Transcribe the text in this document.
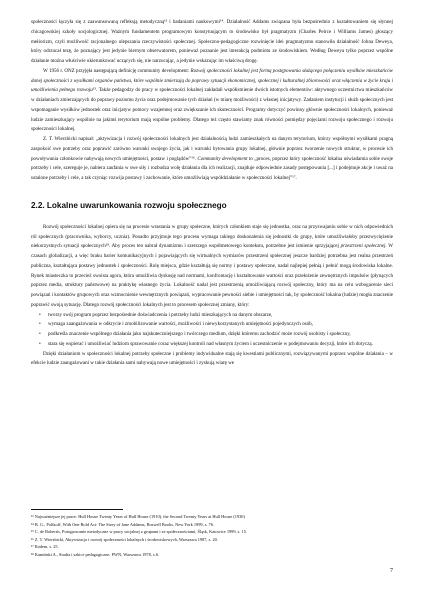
społeczności łączyła się z zaawansowaną refleksją metodyczną¹³ i badaniami naukowymi¹⁴. Działalność Addams związana była bezpośrednio z kształtowaniem się słynnej chicagowskiej szkoły socjologicznej. Ważnym fundamentem programowym konstytuującym to środowisko był pragmatyzm (Charles Peirce i Williams James) głoszący mełiorizm, czyli możliwość racjonalnego ulepszania rzeczywistości społecznej. Społeczno-pedagogiczne rozwinięcie idei pragmatyzmu stanowiła działalność Johna Deweya, który odrzucał tezę, że poznający jest jedynie biernym obserwatorem, ponieważ poznanie jest interakcją podmiotu ze środowiskiem. Według Deweya tylko poprzez wspólne działanie można włuściwie ukierunkować uczących się, nie narzucając, a jedynie wskazując im właściwą drogę.

W 1956 r. ONZ przyjęła następującą definicję community development: Rozwój społeczności lokalnej jest formą postępowania służącego połączeniu wysiłków mieszkańców danej społeczności z wysiłkami organów państwa, które wspólnie zmierzają do poprawy sytuacji ekonomicznej, społecznej i kulturalnej zbiorowości oraz włączenia w życie kraju i umożliwienia pełnego rozwoju¹⁵. Także pedagodzy do pracy w społeczności lokalnej zakładali współistnienie dwóch istotnych elementów: aktywnego uczestnictwa mieszkańców w działaniach zmierzających do poprawy poziomu życia oraz podejmowanie tych działań (w miarę możliwości) z własnej inicjatywy. Zadaniem instytucji i służb społecznych jest wspomaganie wysiłków jednostek oraz inicjatyw pomocy wzajemnej oraz zwiększanie ich skuteczności. Programy dotyczyć powinny głównie społeczności lokalnych, ponieważ ludzie zamieszkujący wspólnie na jakimś terytorium mają wspólne problemy. Dlatego też często stawiamy znak równości pomiędzy pojęciami rozwoju społecznego i rozwoju społeczności lokalnej.

Z. T. Wierzbicki napisał: „aktywizacja i rozwój społeczności lokalnych jest działalnością ludzi zamieszkałych na danym terytorium, którzy współnymi wysiłkami pragną zaspokoić swe potrzeby oraz poprawić zarówno warunki swojego życia, jak i warunki bytowania grupy lokalnej, głównie poprzez tworzenie nowych struktur, w procesie ich powoływania członkowie nabywają nowych umiejętności, postaw i poglądów”¹⁶. Community development to „proces, poprzez który społeczność lokalna uświadamia sobie swoje potrzeby i cele, szereguje je, nabiera zaufania w swe siły i rozbudza wolę działania dla ich realizacji, znajduje odpowiednie zasady postępowania [...] i podejmuje akcje i uważ na ustalone potrzeby i cele, a tak czyniąc rozwija postawy i zachowanie, które umożliwiają współdziałanie w społeczności lokalnej”¹⁷.

2.2. Lokalne uwarunkowania rozwoju społecznego

Rozwój społeczności lokalnej opiera się na procesie wrastania w grupy społeczne, których członkiem staje się jednostka, oraz na przyswajaniu sobie w nich odpowiednich ról społecznych (pracownika, wyborcy, ucznia). Ponadto przyjmuje tego procesu wymaga takiego doskonalenia się jednostki do grupy, które umożliwiałoby przezwyciężenie niekorzystnych sytuacji społecznych¹⁸. Aby proces ten nabrał dynamizmu i szerszego współmetowego kontekstu, potrzebne jest istnienie sprzyjającej przestrzeni społecznej. W czasach globalizacji, a więc braku barier komunikacyjnych i pojawiających się wirtualnych wymiarów przestrzeni społecznej jeszcze bardziej potrzebna jest realna przestrzeń publiczna, kształtująca postawy jednostek i społeczności. Rolę miejsca, gdzie kształtują się normy i postawy społeczne, nadal najlepiej pełnią i pełnić mogą środowiska lokalne. Rynek miasteczka to przecież swoista agora, która umożliwia dyskusję nad normami, konfrontację i kształtowanie wartości oraz przełożenie zewnętrznych impulsów (płynących poprzez media, struktury państwowe) na praktykę własnego życia. Lokalność nadal jest przestrzenią umożliwiającą rozwój społeczny, który ma na celu wzbogacenie sieci powiązań i kontaktów grupowych oraz wzmocnienie wewnętrznych powiązań, wypracowanie pewności siebie i umiejętności tak, by społeczność lokalna (ludzie) mogła znaczenie poprawić swoją sytuację. Dlatego rozwój społeczności lokalnych jest to procesem społecznej zmiany, który:

• tworzy swój program poprzez bezpośrednie doświadczenia i potrzeby ludzi mieszkających na danym obszarze,
• wymaga zaangażowania w odkrycie i zmobilizowanie wartości, możliwości i niewykorzystanych umiejętności pojedynczych osób,
• podkreśla znaczenie wspólnego działania jako najskuteczniejszego i twórczego medium, dzięki któremu zachodzić może rozwój osobisty i społeczny,
• stara się wspierać i umożliwiać ludziom sprawowanie coraz większej kontroli nad własnym życiem i uczestniczenie w podejmowaniu decyzji, które ich dotyczą.

Dzięki działaniom w społeczności lokalnej potrzeby społeczne i problemy indywidualne stają się kwestiami publicznymi, rozwiązywanymi poprzez wspólne działania – w efekcie ludzie zaangażowani w takie działania sami nabywają nowe umiejętności i zyskują wiarę we

¹³ Najważniejsze jej prace: Hull House Twenty Years of Hull House (1910), the Second Twenty Years at Hull House (1930)
¹⁴ B. G., Polikoff, With One Bold Act: The Story of Jane Addams, Boswell Books, New York 1999, s. 76.
¹⁵ C. de Robertis, Postępowanie metodyczne w pracy socjalnej z grupami i ze społecznościami, Śląsk, Katowice 1999, s. 15.
¹⁶ Z. T. Wierzbicki, Aktywizacja i rozwój społeczności lokalnych i środowiskowych, Warszawa 1987, s. 20.
¹⁷ Ibidem, s. 25.
¹⁸ Kamiński A., Studia i szkice pedagogiczne, PWN, Warszawa 1978, s.6.
7
